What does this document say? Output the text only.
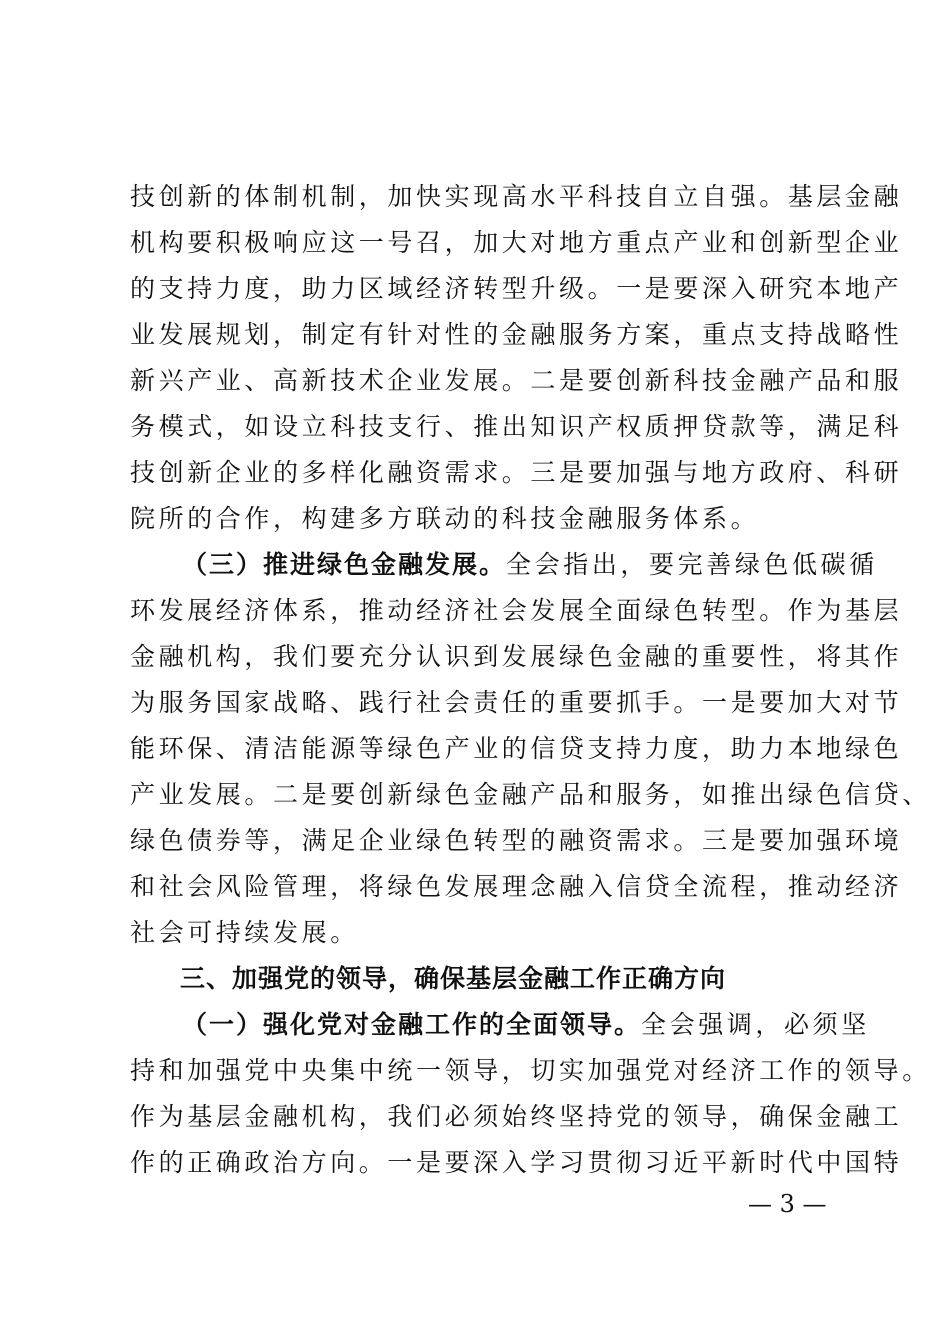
技创新的体制机制，加快实现高水平科技自立自强。基层金融
机构要积极响应这一号召，加大对地方重点产业和创新型企业
的支持力度，助力区域经济转型升级。一是要深入研究本地产
业发展规划，制定有针对性的金融服务方案，重点支持战略性
新兴产业、高新技术企业发展。二是要创新科技金融产品和服
务模式，如设立科技支行、推出知识产权质押贷款等，满足科
技创新企业的多样化融资需求。三是要加强与地方政府、科研
院所的合作，构建多方联动的科技金融服务体系。
（三）推进绿色金融发展。全会指出，要完善绿色低碳循
环发展经济体系，推动经济社会发展全面绿色转型。作为基层
金融机构，我们要充分认识到发展绿色金融的重要性，将其作
为服务国家战略、践行社会责任的重要抓手。一是要加大对节
能环保、清洁能源等绿色产业的信贷支持力度，助力本地绿色
产业发展。二是要创新绿色金融产品和服务，如推出绿色信贷、
绿色债券等，满足企业绿色转型的融资需求。三是要加强环境
和社会风险管理，将绿色发展理念融入信贷全流程，推动经济
社会可持续发展。
三、加强党的领导，确保基层金融工作正确方向
（一）强化党对金融工作的全面领导。全会强调，必须坚
持和加强党中央集中统一领导，切实加强党对经济工作的领导。
作为基层金融机构，我们必须始终坚持党的领导，确保金融工
作的正确政治方向。一是要深入学习贯彻习近平新时代中国特
— 3 —
